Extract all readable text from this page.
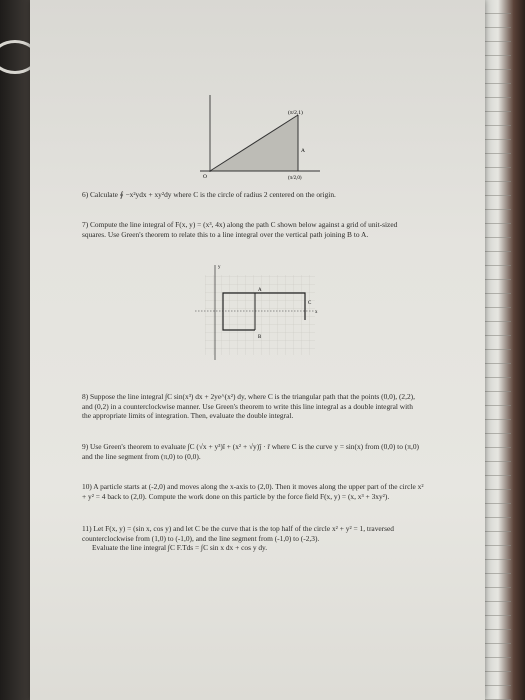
(π/2,1)
A
O	(π/2,0)
6) Calculate ∮ −x²ydx + xy²dy where C is the circle of radius 2 centered on the origin.
7) Compute the line integral of F(x, y) = (x³, 4x) along the path C shown below against a grid of unit-sized squares. Use Green's theorem to relate this to a line integral over the vertical path joining B to A.
y
x
C
A
B
8) Suppose the line integral ∫C sin(x³) dx + 2ye^(x²) dy, where C is the triangular path that the points (0,0), (2,2), and (0,2) in a counterclockwise manner. Use Green's theorem to write this line integral as a double integral with the appropriate limits of integration. Then, evaluate the double integral.
9) Use Green's theorem to evaluate ∫C (√x + y³)î + (x² + √y)ĵ · r̄ where C is the curve y = sin(x) from (0,0) to (π,0) and the line segment from (π,0) to (0,0).
10) A particle starts at (-2,0) and moves along the x-axis to (2,0). Then it moves along the upper part of the circle x² + y² = 4 back to (2,0). Compute the work done on this particle by the force field F(x, y) = (x, x³ + 3xy²).
11) Let F(x, y) = (sin x, cos y) and let C be the curve that is the top half of the circle x² + y² = 1, traversed counterclockwise from (1,0) to (-1,0), and the line segment from (-1,0) to (-2,3).
Evaluate the line integral ∫C F.Tds = ∫C sin x dx + cos y dy.
